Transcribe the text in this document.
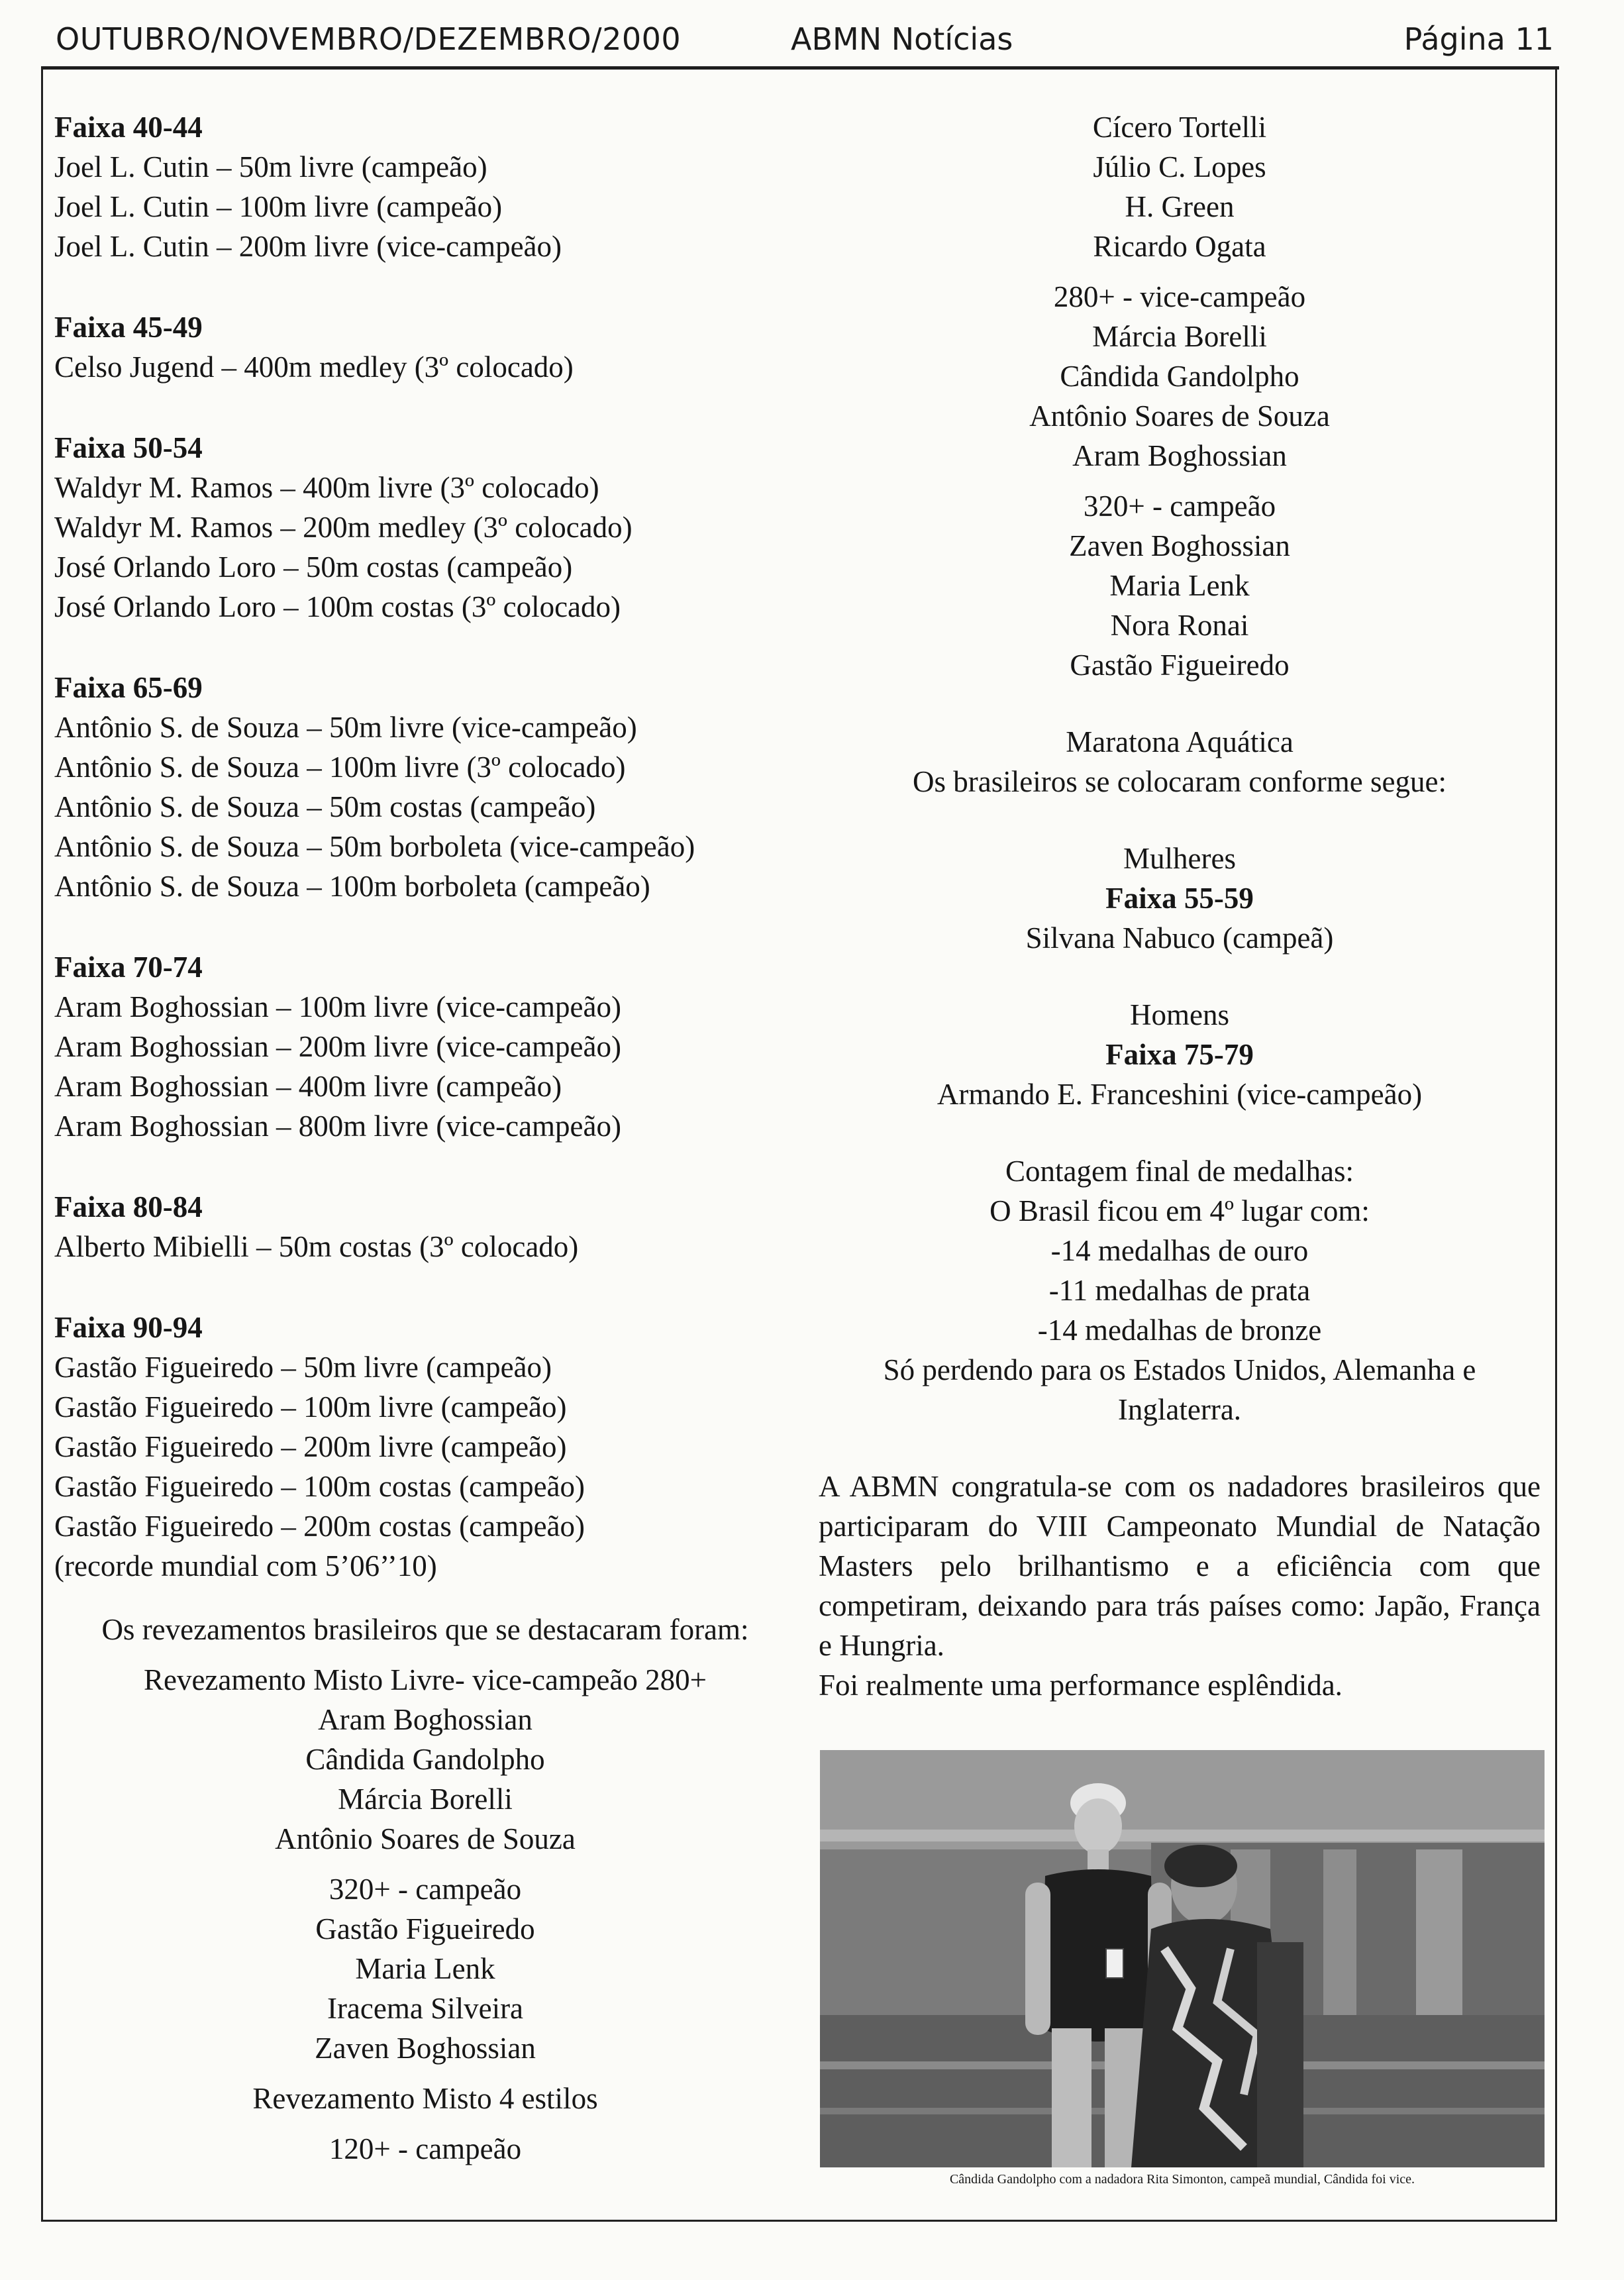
OUTUBRO/NOVEMBRO/DEZEMBRO/2000	ABMN Notícias	Página 11
Faixa 40-44
Joel L. Cutin – 50m livre (campeão)
Joel L. Cutin – 100m livre (campeão)
Joel L. Cutin – 200m livre (vice-campeão)
Faixa 45-49
Celso Jugend – 400m medley (3º colocado)
Faixa 50-54
Waldyr M. Ramos – 400m livre (3º colocado)
Waldyr M. Ramos – 200m medley (3º colocado)
José Orlando Loro – 50m costas (campeão)
José Orlando Loro – 100m costas (3º colocado)
Faixa 65-69
Antônio S. de Souza – 50m livre (vice-campeão)
Antônio S. de Souza – 100m livre (3º colocado)
Antônio S. de Souza – 50m costas (campeão)
Antônio S. de Souza – 50m borboleta (vice-campeão)
Antônio S. de Souza – 100m borboleta (campeão)
Faixa 70-74
Aram Boghossian – 100m livre (vice-campeão)
Aram Boghossian – 200m livre (vice-campeão)
Aram Boghossian – 400m livre (campeão)
Aram Boghossian – 800m livre (vice-campeão)
Faixa 80-84
Alberto Mibielli – 50m costas (3º colocado)
Faixa 90-94
Gastão Figueiredo – 50m livre (campeão)
Gastão Figueiredo – 100m livre (campeão)
Gastão Figueiredo – 200m livre (campeão)
Gastão Figueiredo – 100m costas (campeão)
Gastão Figueiredo – 200m costas (campeão)
(recorde mundial com 5’06’’10)
Os revezamentos brasileiros que se destacaram foram:
Revezamento Misto Livre- vice-campeão 280+
Aram Boghossian
Cândida Gandolpho
Márcia Borelli
Antônio Soares de Souza
320+ - campeão
Gastão Figueiredo
Maria Lenk
Iracema Silveira
Zaven Boghossian
Revezamento Misto 4 estilos
120+ - campeão
Cícero Tortelli
Júlio C. Lopes
H. Green
Ricardo Ogata
280+ - vice-campeão
Márcia Borelli
Cândida Gandolpho
Antônio Soares de Souza
Aram Boghossian
320+ - campeão
Zaven Boghossian
Maria Lenk
Nora Ronai
Gastão Figueiredo
Maratona Aquática
Os brasileiros se colocaram conforme segue:
Mulheres
Faixa 55-59
Silvana Nabuco (campeã)
Homens
Faixa 75-79
Armando E. Franceshini (vice-campeão)
Contagem final de medalhas:
O Brasil ficou em 4º lugar com:
-14 medalhas de ouro
-11 medalhas de prata
-14 medalhas de bronze
Só perdendo para os Estados Unidos, Alemanha e
Inglaterra.
A ABMN congratula-se com os nadadores brasileiros que participaram do VIII Campeonato Mundial de Natação Masters pelo brilhantismo e a eficiência com que competiram, deixando para trás países como: Japão, França e Hungria.
Foi realmente uma performance esplêndida.
Cândida Gandolpho com a nadadora Rita Simonton, campeã mundial, Cândida foi vice.
